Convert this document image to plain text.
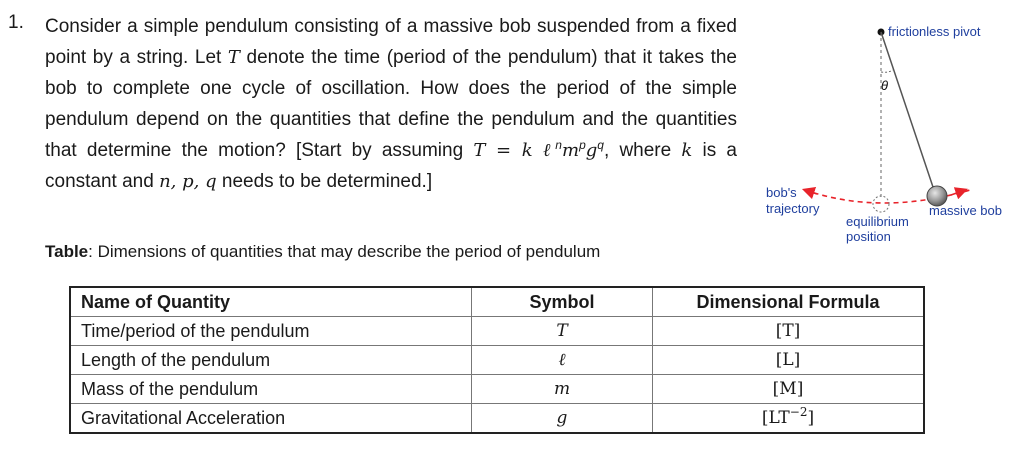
1. Consider a simple pendulum consisting of a massive bob suspended from a fixed point by a string. Let T denote the time (period of the pendulum) that it takes the bob to complete one cycle of oscillation. How does the period of the simple pendulum depend on the quantities that define the pendulum and the quantities that determine the motion? [Start by assuming T = k $\ell^nm^pg^q$, where k is a constant and n, p, q needs to be determined.]
Table: Dimensions of quantities that may describe the period of pendulum
Name of Quantity	Symbol	Dimensional Formula
Time/period of the pendulum	T	[T]
Length of the pendulum	ℓ	[L]
Mass of the pendulum	m	[M]
Gravitational Acceleration	g	$[LT^{-2}]$
frictionless pivot
θ
bob's
trajectory
equilibrium
position
massive bob
